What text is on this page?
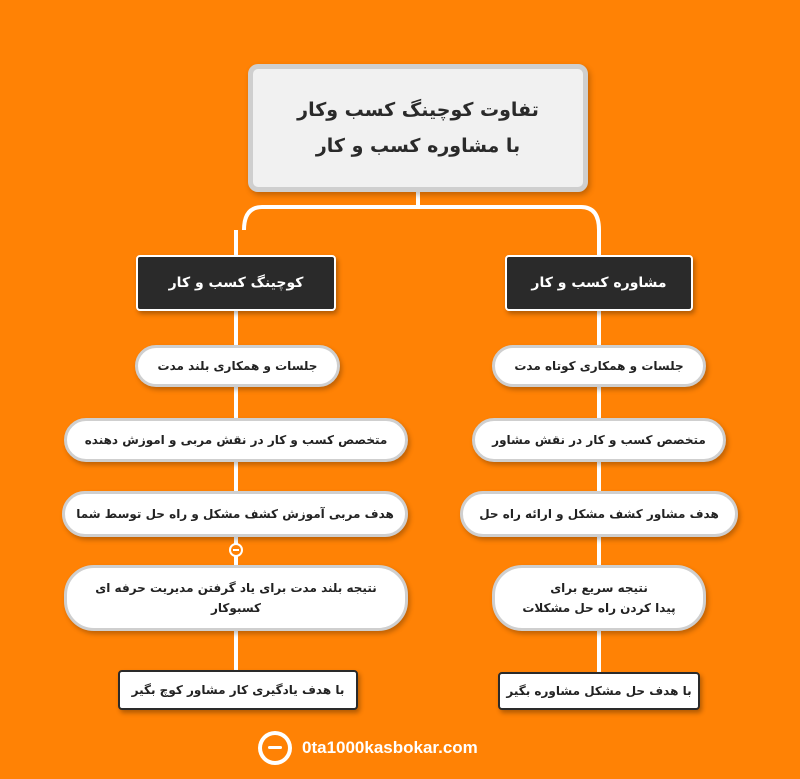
تفاوت کوچینگ کسب وکار
با مشاوره کسب و کار
کوچینگ کسب و کار
جلسات و همکاری بلند مدت
متخصص کسب و کار در نقش مربی و اموزش دهنده
هدف مربی آموزش کشف مشکل و راه حل توسط شما
نتیجه بلند مدت برای یاد گرفتن مدیریت حرفه ای
کسبوکار
با هدف یادگیری کار مشاور کوچ بگیر
مشاوره کسب و کار
جلسات و همکاری کوتاه مدت
متخصص کسب و کار در نقش مشاور
هدف مشاور کشف مشکل و ارائه راه حل
نتیجه سریع برای
پیدا کردن راه حل مشکلات
با هدف حل مشکل مشاوره بگیر
0ta1000kasbokar.com
